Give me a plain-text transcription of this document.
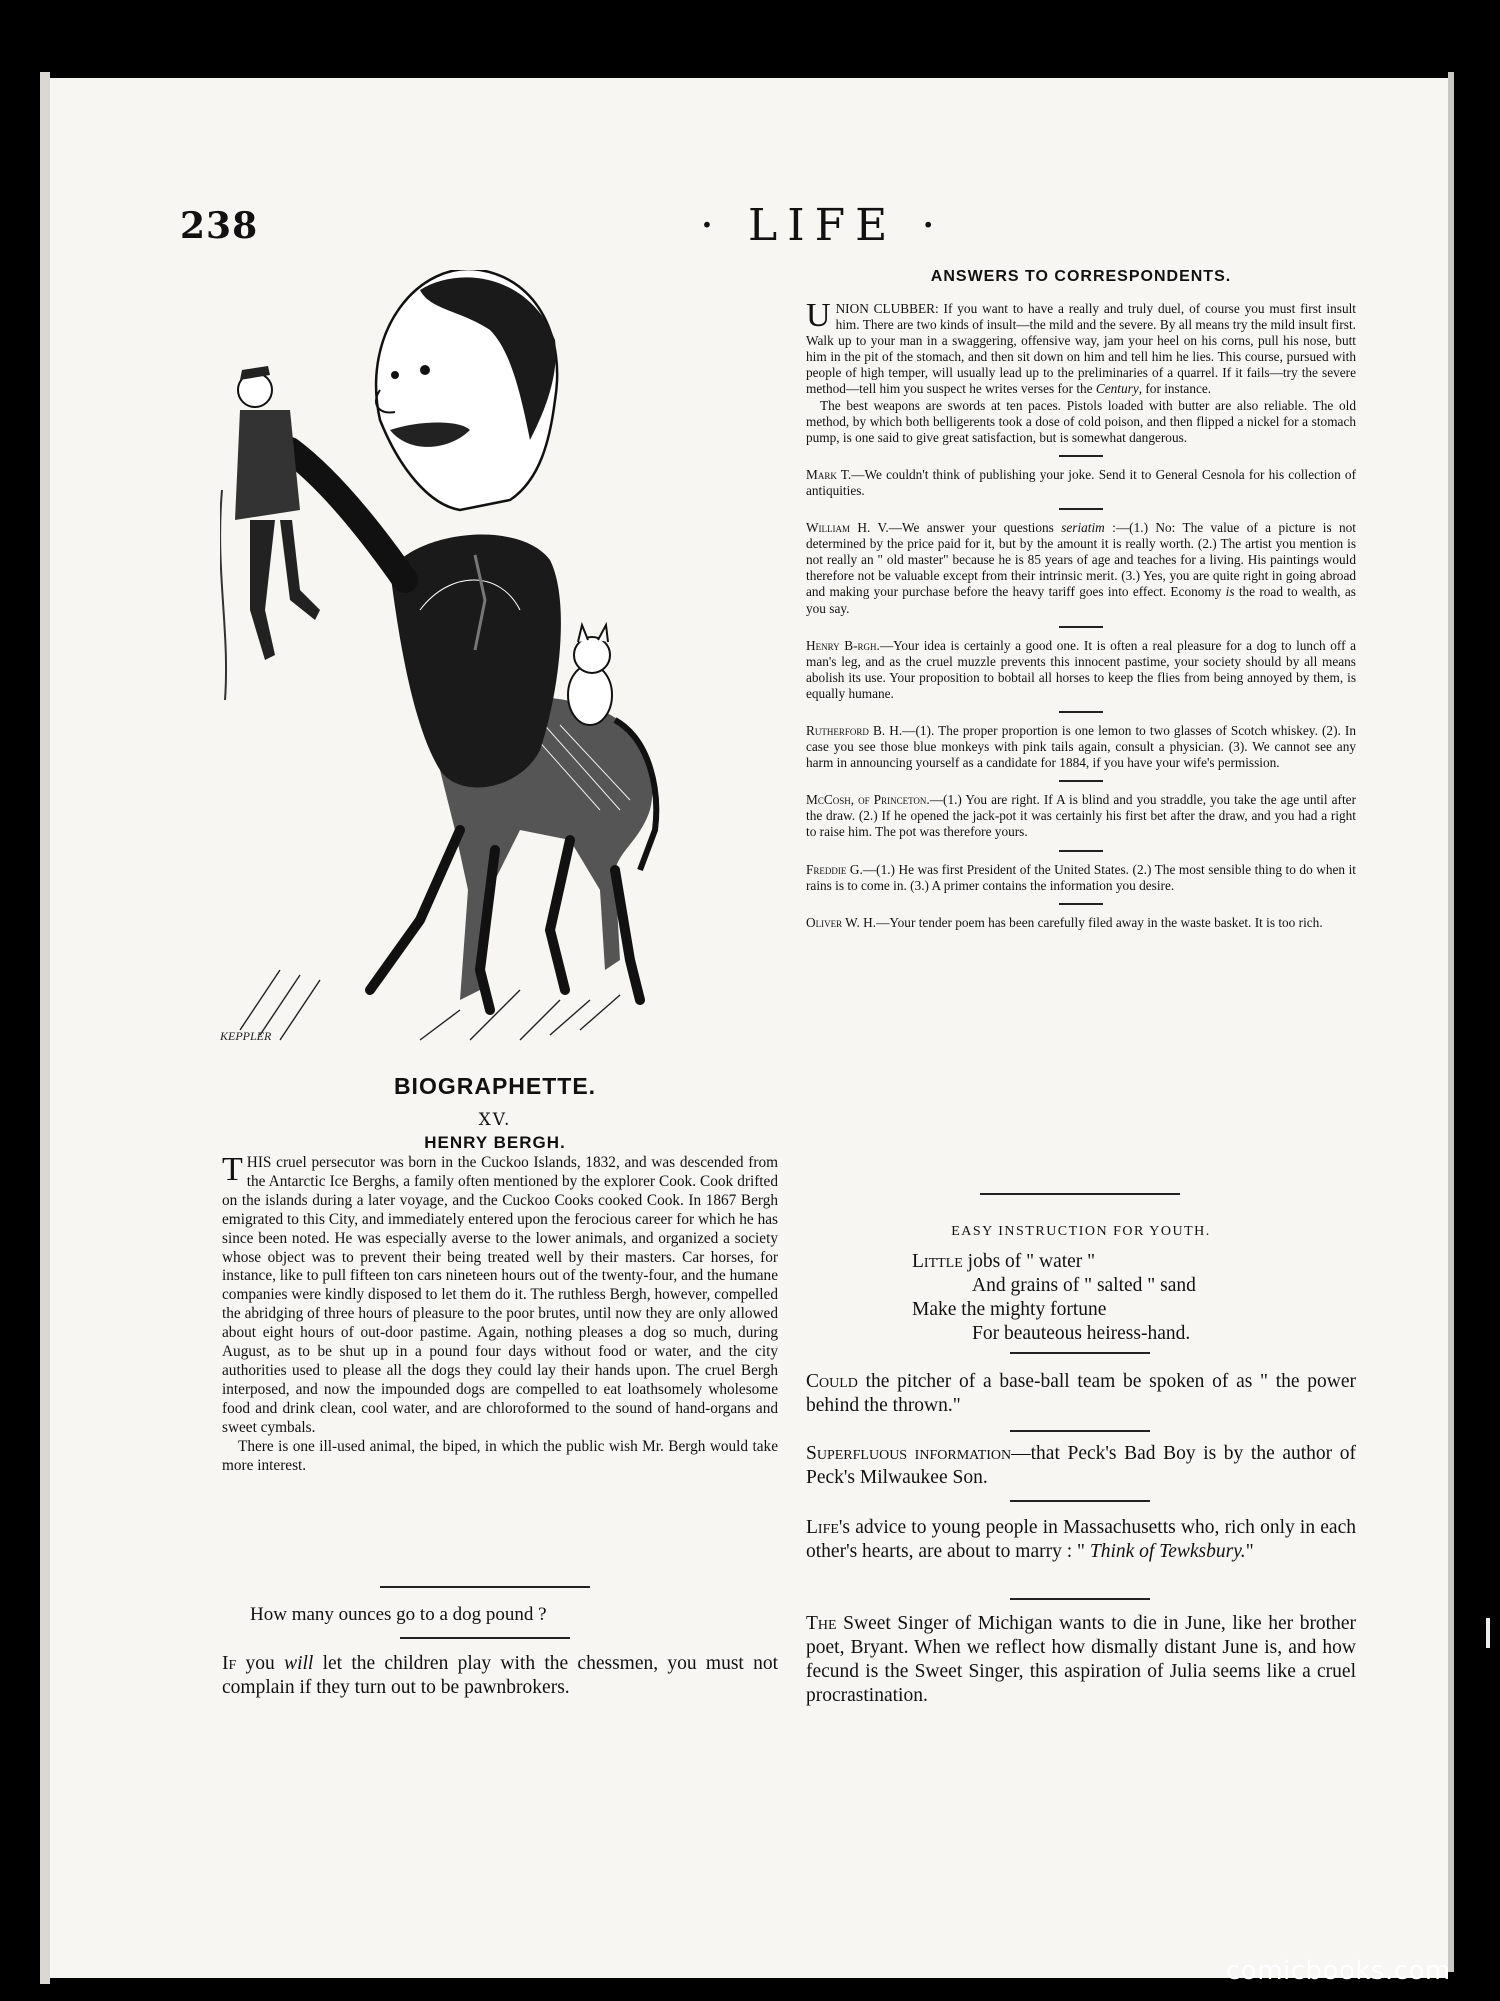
238	· LIFE ·
KEPPLER
BIOGRAPHETTE.
XV.
HENRY BERGH.

THIS cruel persecutor was born in the Cuckoo Islands, 1832, and was descended from the Antarctic Ice Berghs, a family often mentioned by the explorer Cook. Cook drifted on the islands during a later voyage, and the Cuckoo Cooks cooked Cook. In 1867 Bergh emigrated to this City, and immediately entered upon the ferocious career for which he has since been noted. He was especially averse to the lower animals, and organized a society whose object was to prevent their being treated well by their masters. Car horses, for instance, like to pull fifteen ton cars nineteen hours out of the twenty-four, and the humane companies were kindly disposed to let them do it. The ruthless Bergh, however, compelled the abridging of three hours of pleasure to the poor brutes, until now they are only allowed about eight hours of out-door pastime. Again, nothing pleases a dog so much, during August, as to be shut up in a pound four days without food or water, and the city authorities used to please all the dogs they could lay their hands upon. The cruel Bergh interposed, and now the impounded dogs are compelled to eat loathsomely wholesome food and drink clean, cool water, and are chloroformed to the sound of hand-organs and sweet cymbals.

There is one ill-used animal, the biped, in which the public wish Mr. Bergh would take more interest.

How many ounces go to a dog pound ?
If you will let the children play with the chessmen, you must not complain if they turn out to be pawnbrokers.
ANSWERS TO CORRESPONDENTS.

UNION CLUBBER: If you want to have a really and truly duel, of course you must first insult him. There are two kinds of insult—the mild and the severe. By all means try the mild insult first. Walk up to your man in a swaggering, offensive way, jam your heel on his corns, pull his nose, butt him in the pit of the stomach, and then sit down on him and tell him he lies. This course, pursued with people of high temper, will usually lead up to the preliminaries of a quarrel. If it fails—try the severe method—tell him you suspect he writes verses for the Century, for instance.

The best weapons are swords at ten paces. Pistols loaded with butter are also reliable. The old method, by which both belligerents took a dose of cold poison, and then flipped a nickel for a stomach pump, is one said to give great satisfaction, but is somewhat dangerous.

Mark T.—We couldn't think of publishing your joke. Send it to General Cesnola for his collection of antiquities.

William H. V.—We answer your questions seriatim :—(1.) No: The value of a picture is not determined by the price paid for it, but by the amount it is really worth. (2.) The artist you mention is not really an " old master" because he is 85 years of age and teaches for a living. His paintings would therefore not be valuable except from their intrinsic merit. (3.) Yes, you are quite right in going abroad and making your purchase before the heavy tariff goes into effect. Economy is the road to wealth, as you say.

Henry B-rgh.—Your idea is certainly a good one. It is often a real pleasure for a dog to lunch off a man's leg, and as the cruel muzzle prevents this innocent pastime, your society should by all means abolish its use. Your proposition to bobtail all horses to keep the flies from being annoyed by them, is equally humane.

Rutherford B. H.—(1). The proper proportion is one lemon to two glasses of Scotch whiskey. (2). In case you see those blue monkeys with pink tails again, consult a physician. (3). We cannot see any harm in announcing yourself as a candidate for 1884, if you have your wife's permission.

McCosh, of Princeton.—(1.) You are right. If A is blind and you straddle, you take the age until after the draw. (2.) If he opened the jack-pot it was certainly his first bet after the draw, and you had a right to raise him. The pot was therefore yours.

Freddie G.—(1.) He was first President of the United States. (2.) The most sensible thing to do when it rains is to come in. (3.) A primer contains the information you desire.

Oliver W. H.—Your tender poem has been carefully filed away in the waste basket. It is too rich.

EASY INSTRUCTION FOR YOUTH.
Little jobs of " water "
And grains of " salted " sand
Make the mighty fortune
For beauteous heiress-hand.
Could the pitcher of a base-ball team be spoken of as " the power behind the thrown."
Superfluous information—that Peck's Bad Boy is by the author of Peck's Milwaukee Son.
Life's advice to young people in Massachusetts who, rich only in each other's hearts, are about to marry : " Think of Tewksbury."
The Sweet Singer of Michigan wants to die in June, like her brother poet, Bryant. When we reflect how dismally distant June is, and how fecund is the Sweet Singer, this aspiration of Julia seems like a cruel procrastination.
comicbooks.com
